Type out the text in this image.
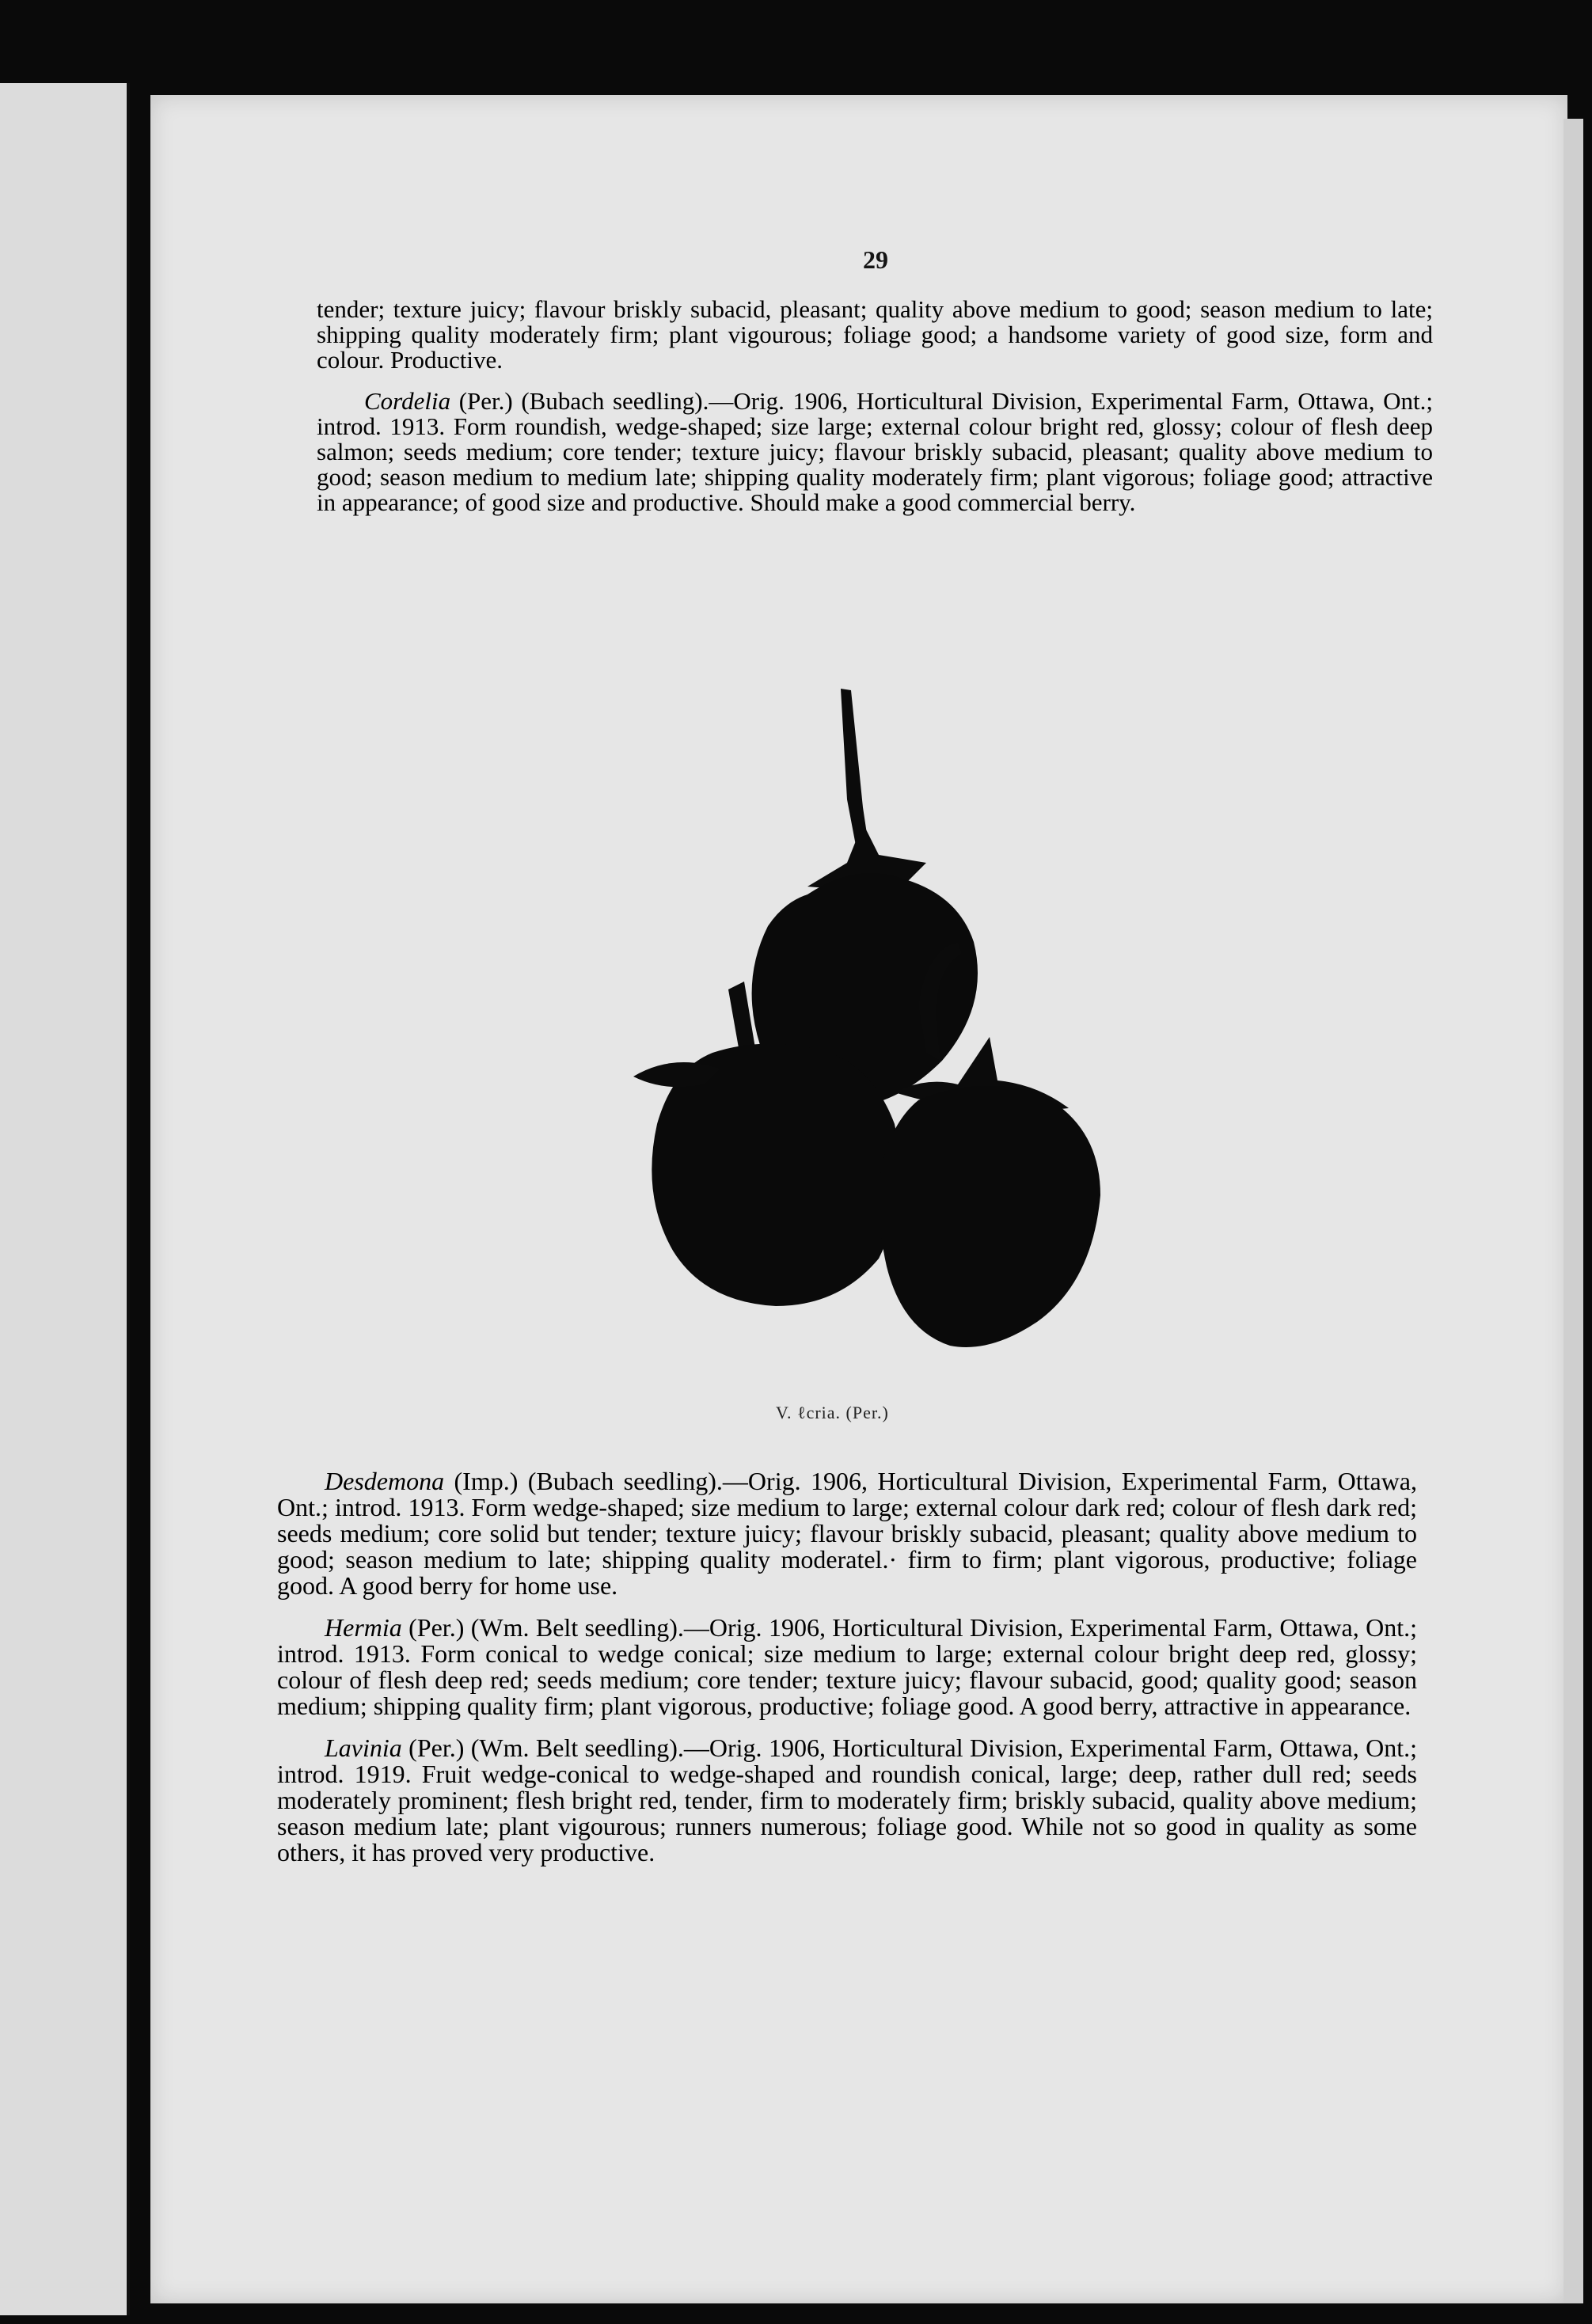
29

tender; texture juicy; flavour briskly subacid, pleasant; quality above medium to good; season medium to late; shipping quality moderately firm; plant vigourous; foliage good; a handsome variety of good size, form and colour. Productive.

Cordelia (Per.) (Bubach seedling).—Orig. 1906, Horticultural Division, Experimental Farm, Ottawa, Ont.; introd. 1913. Form roundish, wedge-shaped; size large; external colour bright red, glossy; colour of flesh deep salmon; seeds medium; core tender; texture juicy; flavour briskly subacid, pleasant; quality above medium to good; season medium to medium late; shipping quality moderately firm; plant vigorous; foliage good; attractive in appearance; of good size and productive. Should make a good commercial berry.

V. ℓcria. (Per.)

Desdemona (Imp.) (Bubach seedling).—Orig. 1906, Horticultural Division, Experimental Farm, Ottawa, Ont.; introd. 1913. Form wedge-shaped; size medium to large; external colour dark red; colour of flesh dark red; seeds medium; core solid but tender; texture juicy; flavour briskly subacid, pleasant; quality above medium to good; season medium to late; shipping quality moderatel.· firm to firm; plant vigorous, productive; foliage good. A good berry for home use.

Hermia (Per.) (Wm. Belt seedling).—Orig. 1906, Horticultural Division, Experimental Farm, Ottawa, Ont.; introd. 1913. Form conical to wedge conical; size medium to large; external colour bright deep red, glossy; colour of flesh deep red; seeds medium; core tender; texture juicy; flavour subacid, good; quality good; season medium; shipping quality firm; plant vigorous, productive; foliage good. A good berry, attractive in appearance.

Lavinia (Per.) (Wm. Belt seedling).—Orig. 1906, Horticultural Division, Experimental Farm, Ottawa, Ont.; introd. 1919. Fruit wedge-conical to wedge-shaped and roundish conical, large; deep, rather dull red; seeds moderately prominent; flesh bright red, tender, firm to moderately firm; briskly subacid, quality above medium; season medium late; plant vigourous; runners numerous; foliage good. While not so good in quality as some others, it has proved very productive.
